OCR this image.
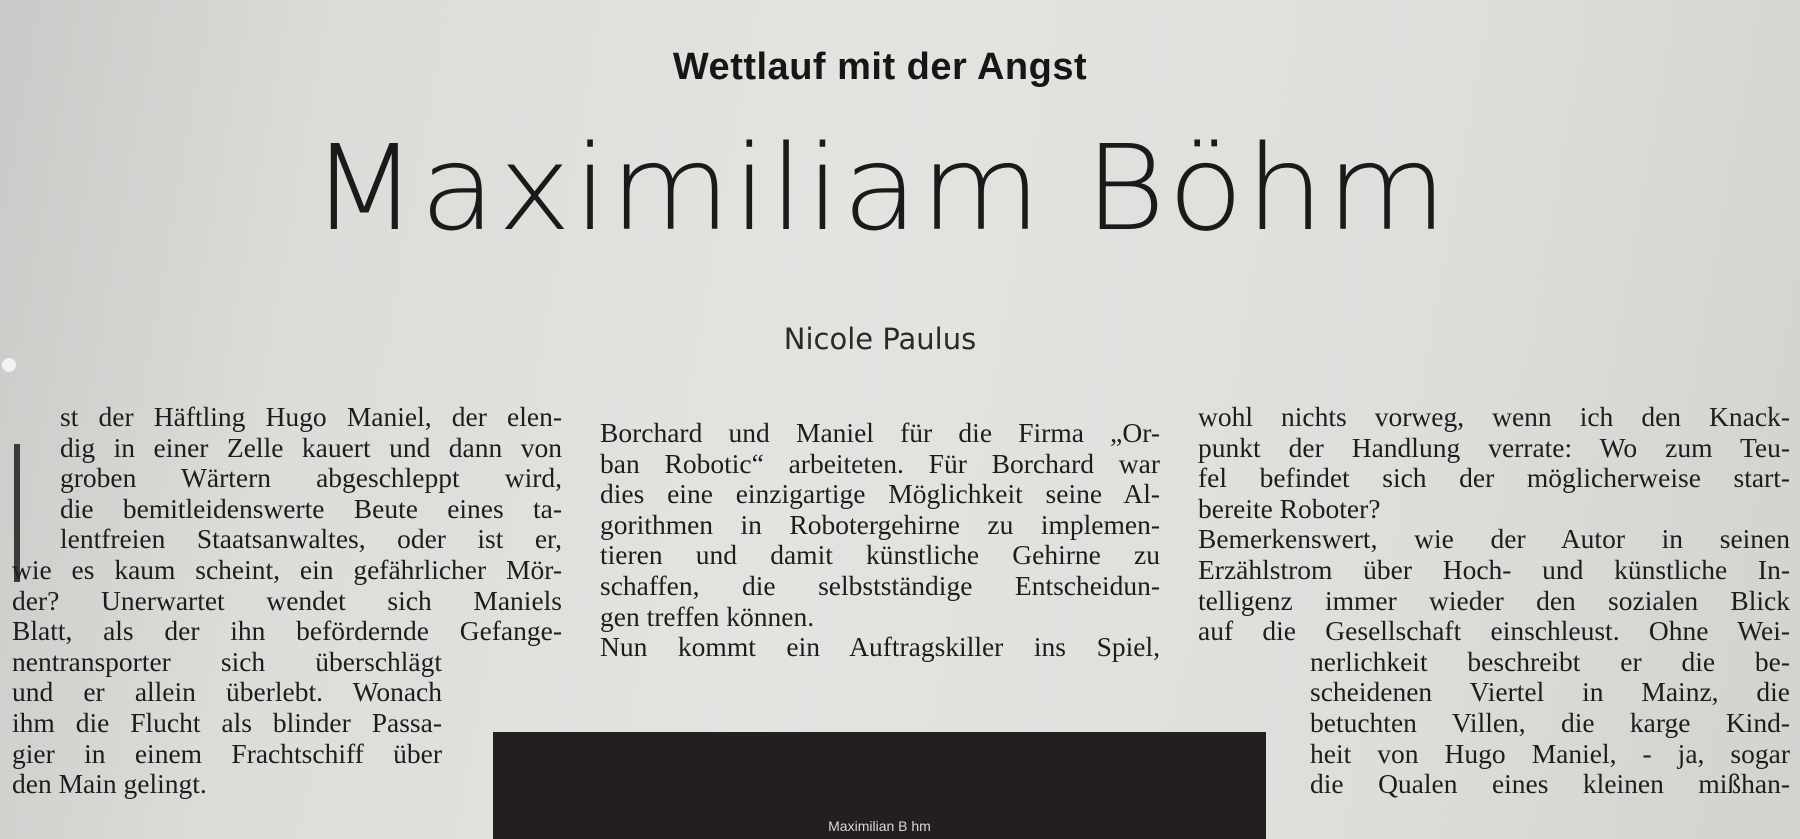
Wettlauf mit der Angst
Maximiliam Böhm
Nicole Paulus
st der Häftling Hugo Maniel, der elen-
dig in einer Zelle kauert und dann von
groben Wärtern abgeschleppt wird,
die bemitleidenswerte Beute eines ta-
lentfreien Staatsanwaltes, oder ist er,
wie es kaum scheint, ein gefährlicher Mör-
der? Unerwartet wendet sich Maniels
Blatt, als der ihn befördernde Gefange-
nentransporter sich überschlägt
und er allein überlebt. Wonach
ihm die Flucht als blinder Passa-
gier in einem Frachtschiff über
den Main gelingt.
Borchard und Maniel für die Firma „Or-
ban Robotic“ arbeiteten. Für Borchard war
dies eine einzigartige Möglichkeit seine Al-
gorithmen in Robotergehirne zu implemen-
tieren und damit künstliche Gehirne zu
schaffen, die selbstständige Entscheidun-
gen treffen können.
Nun kommt ein Auftragskiller ins Spiel,
wohl nichts vorweg, wenn ich den Knack-
punkt der Handlung verrate: Wo zum Teu-
fel befindet sich der möglicherweise start-
bereite Roboter?
Bemerkenswert, wie der Autor in seinen
Erzählstrom über Hoch- und künstliche In-
telligenz immer wieder den sozialen Blick
auf die Gesellschaft einschleust. Ohne Wei-
nerlichkeit beschreibt er die be-
scheidenen Viertel in Mainz, die
betuchten Villen, die karge Kind-
heit von Hugo Maniel, - ja, sogar
die Qualen eines kleinen mißhan-
Maximilian B hm
